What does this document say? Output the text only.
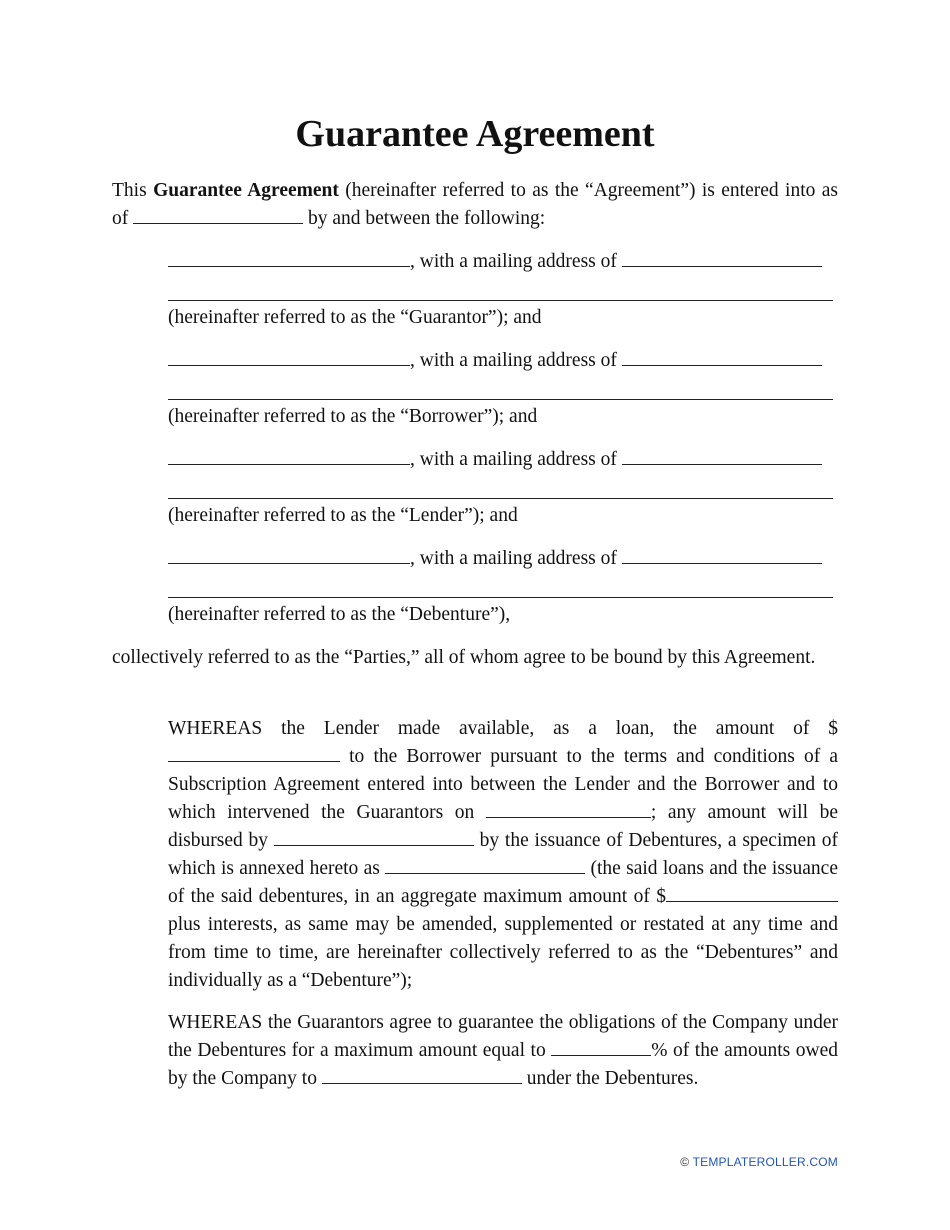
Guarantee Agreement
This Guarantee Agreement (hereinafter referred to as the “Agreement”) is entered into as of	by and between the following:
, with a mailing address of
(hereinafter referred to as the “Guarantor”); and
, with a mailing address of
(hereinafter referred to as the “Borrower”); and
, with a mailing address of
(hereinafter referred to as the “Lender”); and
, with a mailing address of
(hereinafter referred to as the “Debenture”),
collectively referred to as the “Parties,” all of whom agree to be bound by this Agreement.
WHEREAS the Lender made available, as a loan, the amount of $ to the Borrower pursuant to the terms and conditions of a Subscription Agreement entered into between the Lender and the Borrower and to which intervened the Guarantors on	; any amount will be disbursed by	by the issuance of Debentures, a specimen of which is annexed hereto as	(the said loans and the issuance of the said debentures, in an aggregate maximum amount of $ plus interests, as same may be amended, supplemented or restated at any time and from time to time, are hereinafter collectively referred to as the “Debentures” and individually as a “Debenture”);
WHEREAS the Guarantors agree to guarantee the obligations of the Company under the Debentures for a maximum amount equal to	% of the amounts owed by the Company to	under the Debentures.
© TEMPLATEROLLER.COM
